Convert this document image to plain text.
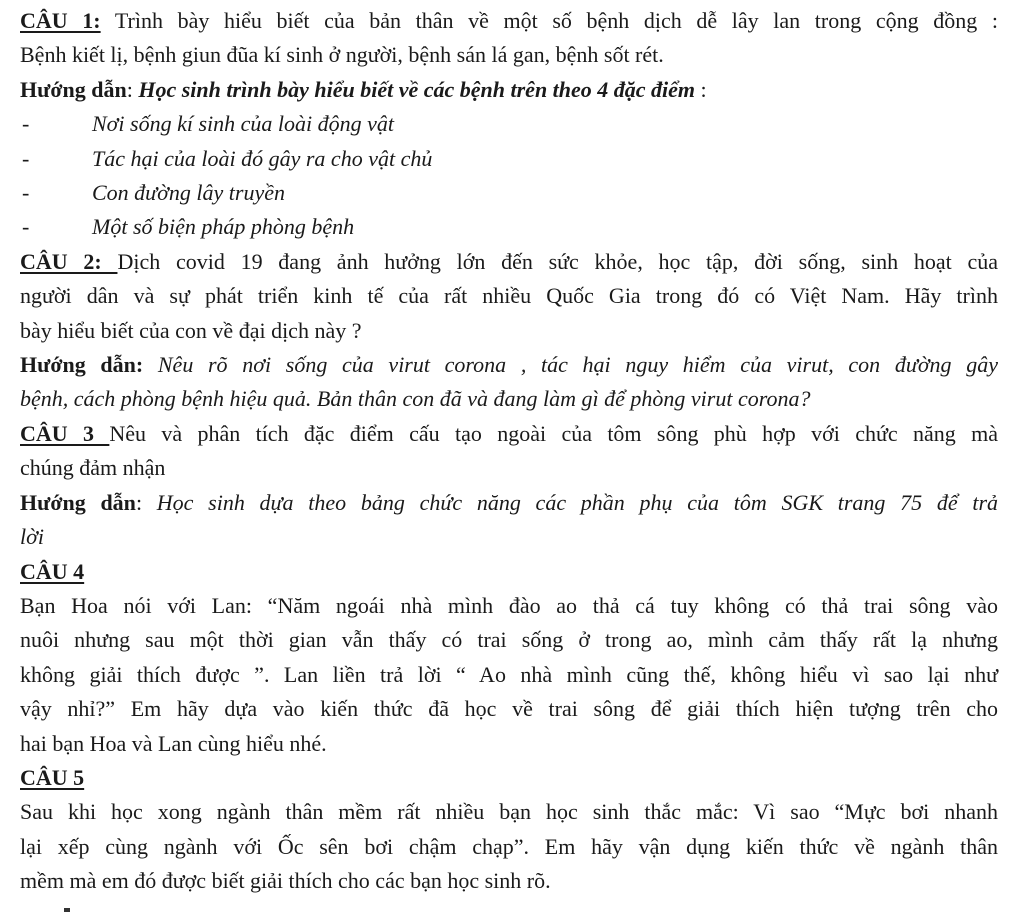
CÂU 1: Trình bày hiểu biết của bản thân về một số bệnh dịch dễ lây lan trong cộng đồng :
Bệnh kiết lị, bệnh giun đũa kí sinh ở người, bệnh sán lá gan, bệnh sốt rét.
Hướng dẫn: Học sinh trình bày hiểu biết về các bệnh trên theo 4 đặc điểm :
-	Nơi sống kí sinh của loài động vật
-	Tác hại của loài đó gây ra cho vật chủ
-	Con đường lây truyền
-	Một số biện pháp phòng bệnh
CÂU 2: Dịch covid 19 đang ảnh hưởng lớn đến sức khỏe, học tập, đời sống, sinh hoạt của
người dân và sự phát triển kinh tế của rất nhiều Quốc Gia trong đó có Việt Nam. Hãy trình
bày hiểu biết của con về đại dịch này ?
Hướng dẫn: Nêu rõ nơi sống của virut corona , tác hại nguy hiểm của virut, con đường gây
bệnh, cách phòng bệnh hiệu quả. Bản thân con đã và đang làm gì để phòng virut corona?
CÂU 3 Nêu và phân tích đặc điểm cấu tạo ngoài của tôm sông phù hợp với chức năng mà
chúng đảm nhận
Hướng dẫn: Học sinh dựa theo bảng chức năng các phần phụ của tôm SGK trang 75 để trả
lời
CÂU 4
Bạn Hoa nói với Lan: “Năm ngoái nhà mình đào ao thả cá tuy không có thả trai sông vào
nuôi nhưng sau một thời gian vẫn thấy có trai sống ở trong ao, mình cảm thấy rất lạ nhưng
không giải thích được ”. Lan liền trả lời “ Ao nhà mình cũng thế, không hiểu vì sao lại như
vậy nhỉ?” Em hãy dựa vào kiến thức đã học về trai sông để giải thích hiện tượng trên cho
hai bạn Hoa và Lan cùng hiểu nhé.
CÂU 5
Sau khi học xong ngành thân mềm rất nhiều bạn học sinh thắc mắc: Vì sao “Mực bơi nhanh
lại xếp cùng ngành với Ốc sên bơi chậm chạp”. Em hãy vận dụng kiến thức về ngành thân
mềm mà em đó được biết giải thích cho các bạn học sinh rõ.
